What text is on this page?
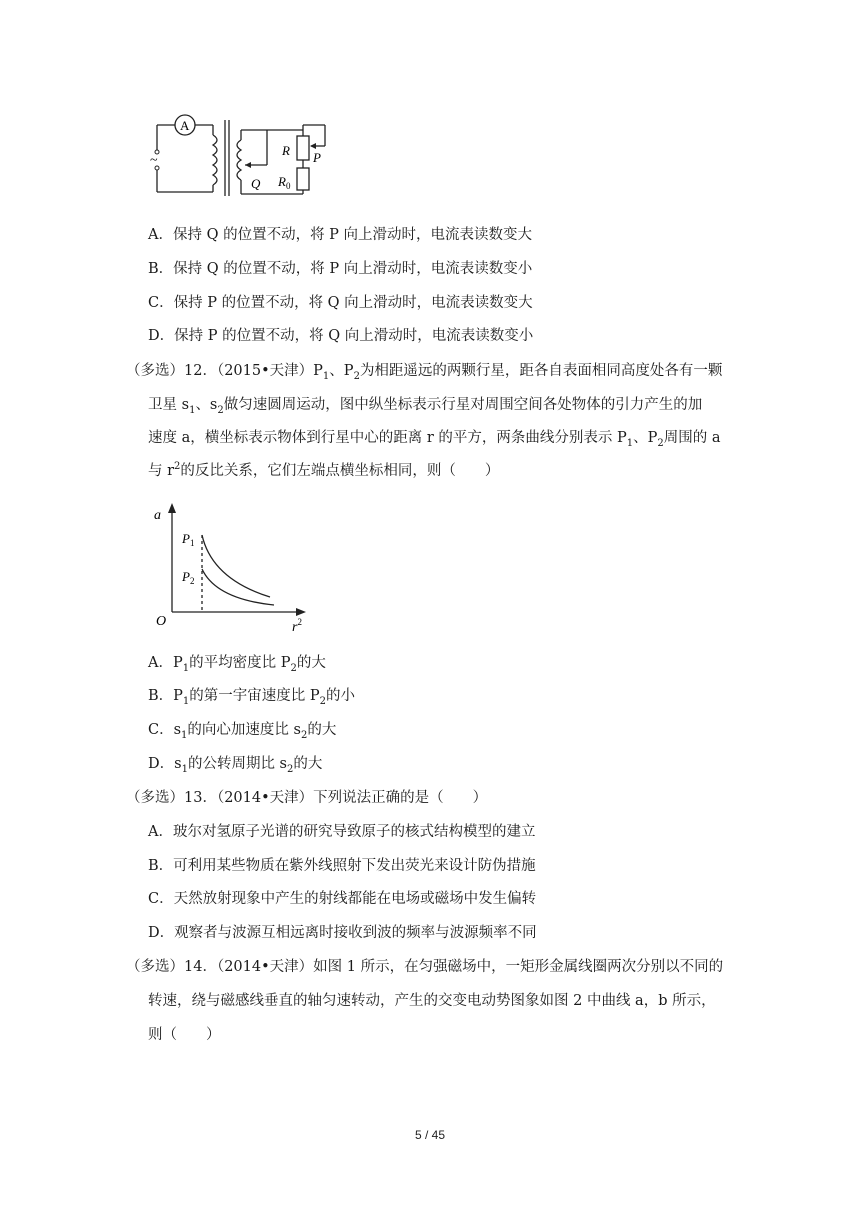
A
~
R P
Q $R_0$
A．保持 Q 的位置不动，将 P 向上滑动时，电流表读数变大
B．保持 Q 的位置不动，将 P 向上滑动时，电流表读数变小
C．保持 P 的位置不动，将 Q 向上滑动时，电流表读数变大
D．保持 P 的位置不动，将 Q 向上滑动时，电流表读数变小
（多选）12．（2015•天津）$P_1$、$P_2$为相距遥远的两颗行星，距各自表面相同高度处各有一颗
卫星 $s_1$、$s_2$做匀速圆周运动，图中纵坐标表示行星对周围空间各处物体的引力产生的加
速度 a，横坐标表示物体到行星中心的距离 r 的平方，两条曲线分别表示 $P_1$、$P_2$周围的 a
与 $r^2$的反比关系，它们左端点横坐标相同，则（　　）
a
O	$r^2$
$P_1$
$P_2$
A．$P_1$的平均密度比 $P_2$的大
B．$P_1$的第一宇宙速度比 $P_2$的小
C．$s_1$的向心加速度比 $s_2$的大
D．$s_1$的公转周期比 $s_2$的大
（多选）13．（2014•天津）下列说法正确的是（　　）
A．玻尔对氢原子光谱的研究导致原子的核式结构模型的建立
B．可利用某些物质在紫外线照射下发出荧光来设计防伪措施
C．天然放射现象中产生的射线都能在电场或磁场中发生偏转
D．观察者与波源互相远离时接收到波的频率与波源频率不同
（多选）14．（2014•天津）如图 1 所示，在匀强磁场中，一矩形金属线圈两次分别以不同的
转速，绕与磁感线垂直的轴匀速转动，产生的交变电动势图象如图 2 中曲线 a，b 所示，
则（　　）
5 / 45
